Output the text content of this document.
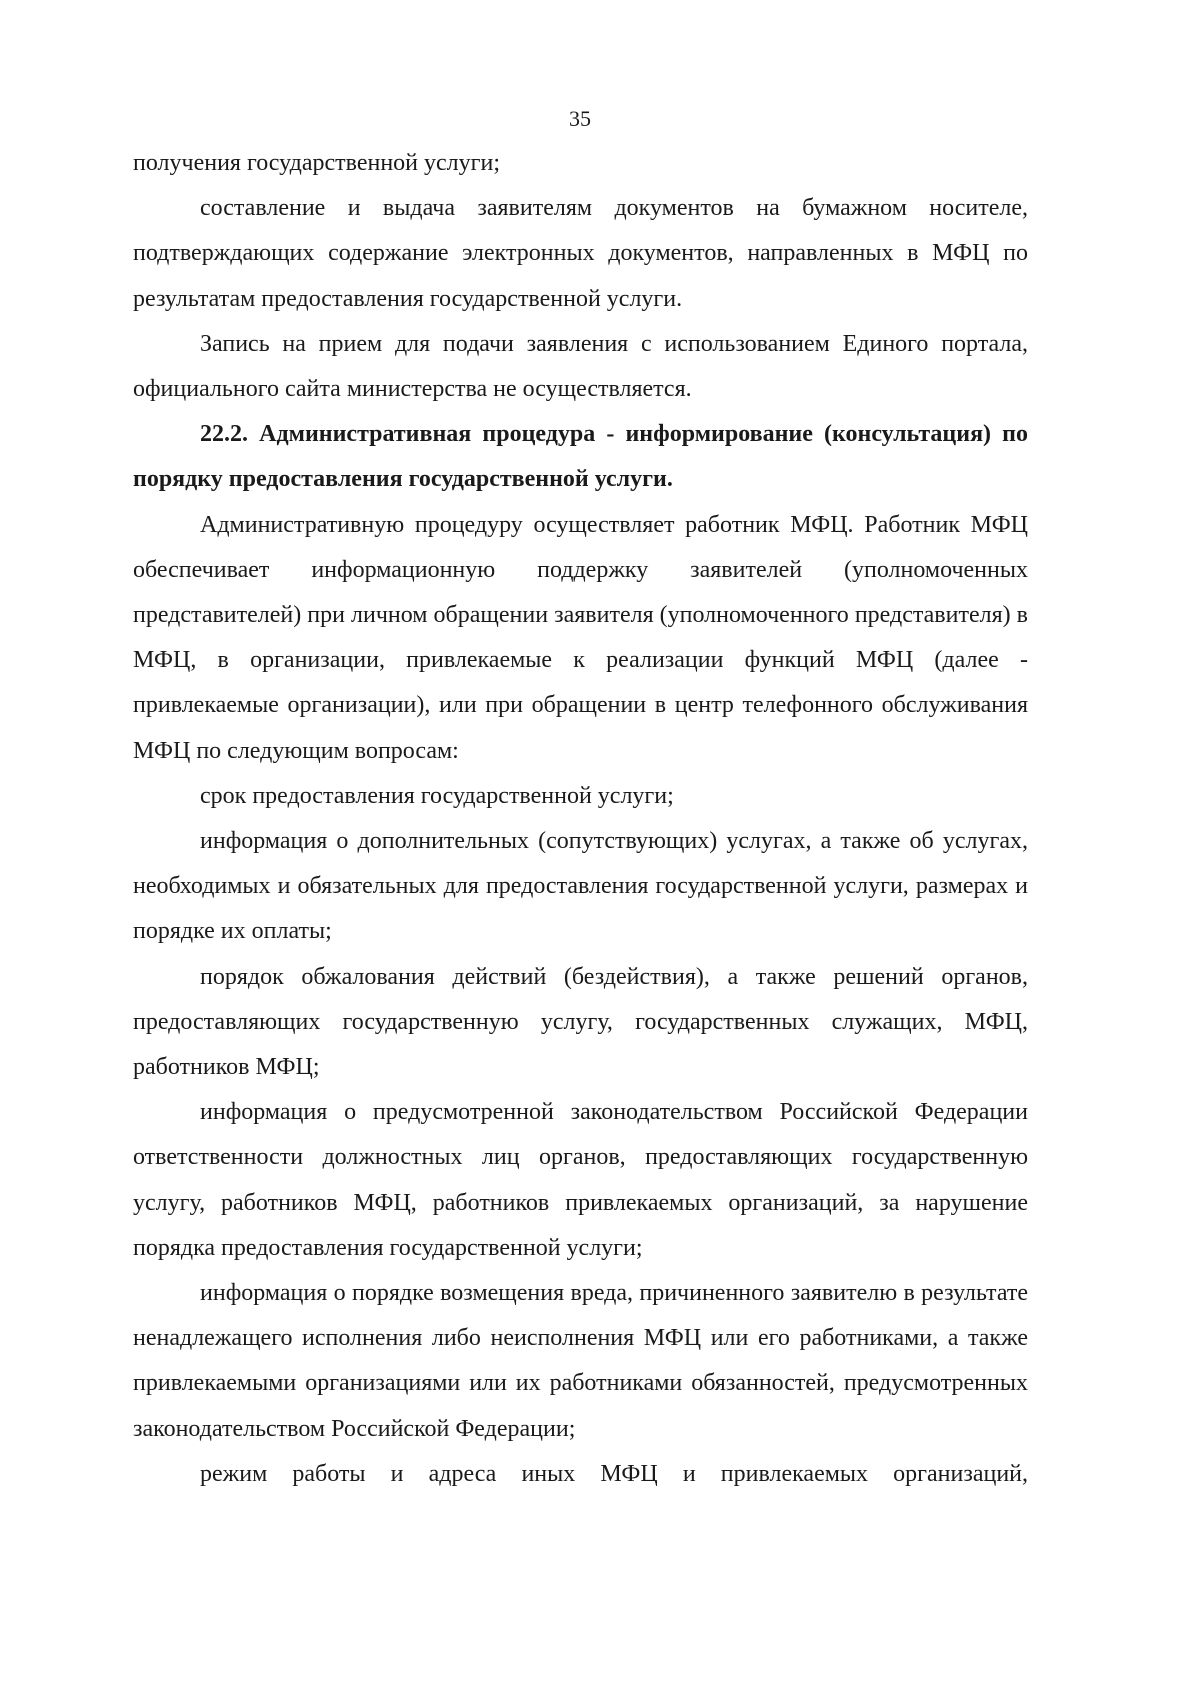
35

получения государственной услуги;

составление и выдача заявителям документов на бумажном носителе, подтверждающих содержание электронных документов, направленных в МФЦ по результатам предоставления государственной услуги.

Запись на прием для подачи заявления с использованием Единого портала, официального сайта министерства не осуществляется.

22.2. Административная процедура - информирование (консультация) по порядку предоставления государственной услуги.

Административную процедуру осуществляет работник МФЦ. Работник МФЦ обеспечивает информационную поддержку заявителей (уполномоченных представителей) при личном обращении заявителя (уполномоченного представителя) в МФЦ, в организации, привлекаемые к реализации функций МФЦ (далее - привлекаемые организации), или при обращении в центр телефонного обслуживания МФЦ по следующим вопросам:

срок предоставления государственной услуги;

информация о дополнительных (сопутствующих) услугах, а также об услугах, необходимых и обязательных для предоставления государственной услуги, размерах и порядке их оплаты;

порядок обжалования действий (бездействия), а также решений органов, предоставляющих государственную услугу, государственных служащих, МФЦ, работников МФЦ;

информация о предусмотренной законодательством Российской Федерации ответственности должностных лиц органов, предоставляющих государственную услугу, работников МФЦ, работников привлекаемых организаций, за нарушение порядка предоставления государственной услуги;

информация о порядке возмещения вреда, причиненного заявителю в результате ненадлежащего исполнения либо неисполнения МФЦ или его работниками, а также привлекаемыми организациями или их работниками обязанностей, предусмотренных законодательством Российской Федерации;

режим работы и адреса иных МФЦ и привлекаемых организаций,
